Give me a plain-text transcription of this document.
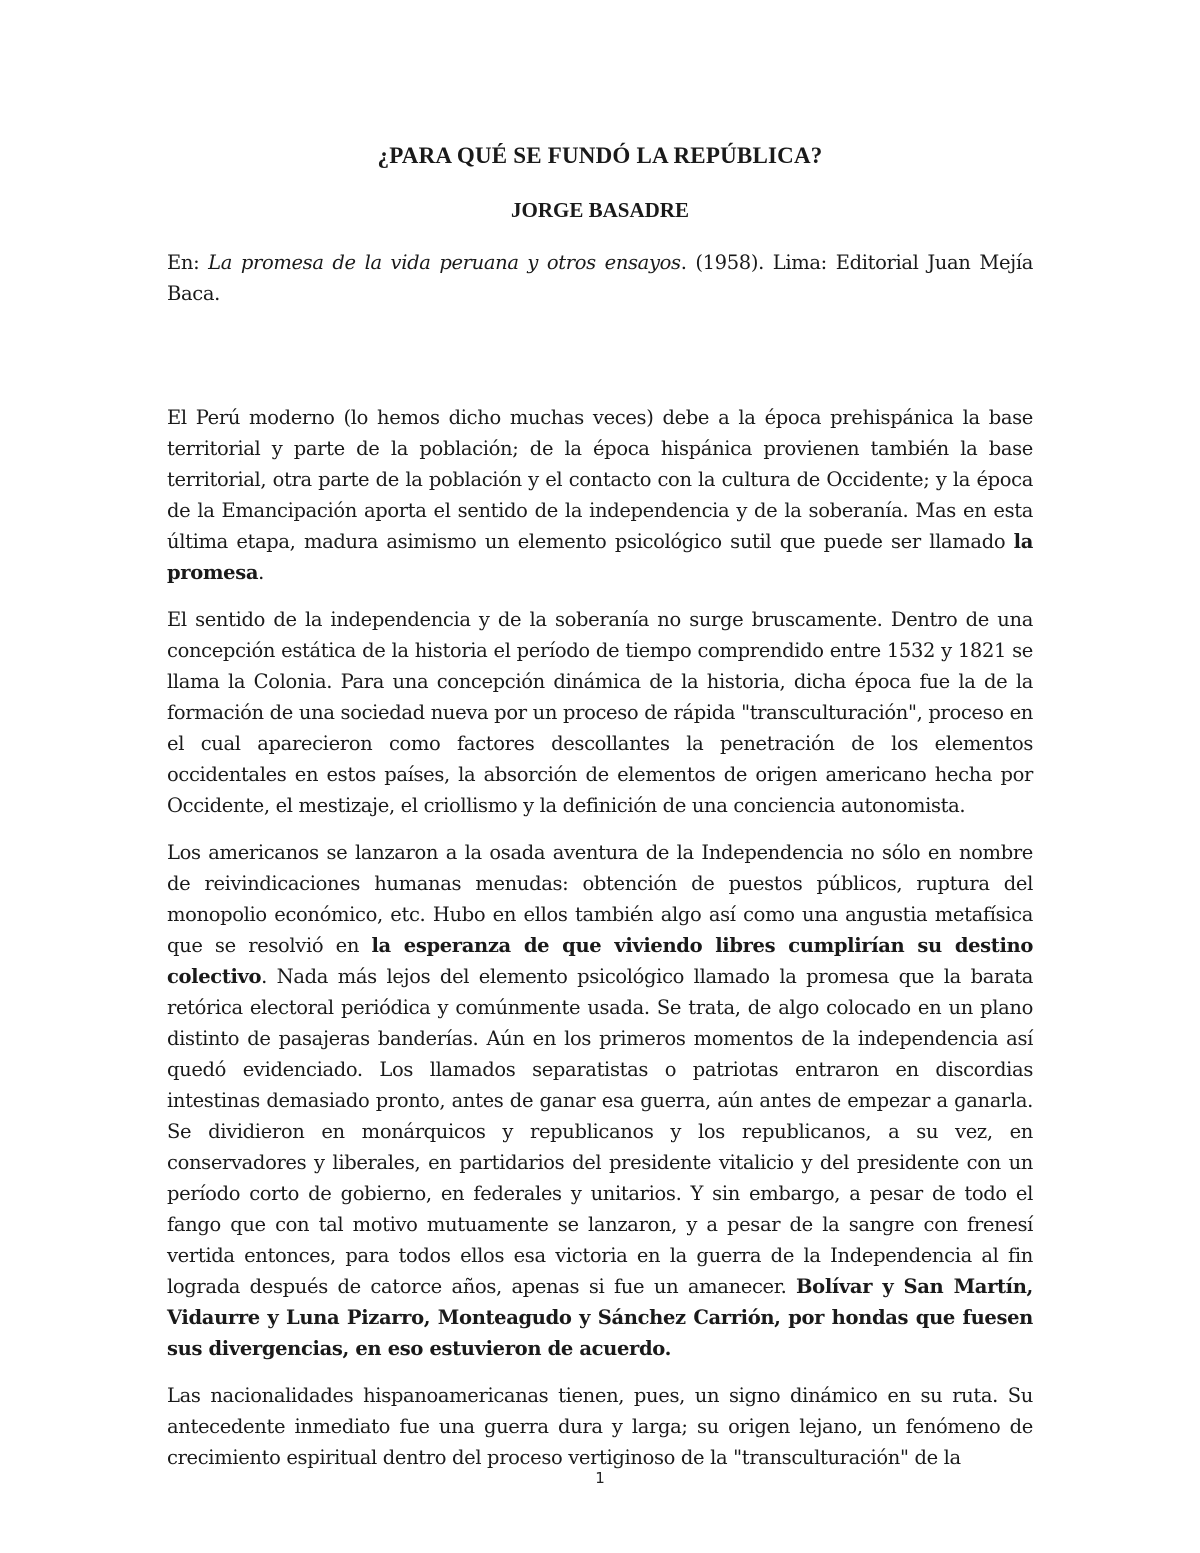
¿PARA QUÉ SE FUNDÓ LA REPÚBLICA?
JORGE BASADRE

En: La promesa de la vida peruana y otros ensayos. (1958). Lima: Editorial Juan Mejía Baca.

El Perú moderno (lo hemos dicho muchas veces) debe a la época prehispánica la base territorial y parte de la población; de la época hispánica provienen también la base territorial, otra parte de la población y el contacto con la cultura de Occidente; y la época de la Emancipación aporta el sentido de la independencia y de la soberanía. Mas en esta última etapa, madura asimismo un elemento psicológico sutil que puede ser llamado la promesa.

El sentido de la independencia y de la soberanía no surge bruscamente. Dentro de una concepción estática de la historia el período de tiempo comprendido entre 1532 y 1821 se llama la Colonia. Para una concepción dinámica de la historia, dicha época fue la de la formación de una sociedad nueva por un proceso de rápida "transculturación", proceso en el cual aparecieron como factores descollantes la penetración de los elementos occidentales en estos países, la absorción de elementos de origen americano hecha por Occidente, el mestizaje, el criollismo y la definición de una conciencia autonomista.

Los americanos se lanzaron a la osada aventura de la Independencia no sólo en nombre de reivindicaciones humanas menudas: obtención de puestos públicos, ruptura del monopolio económico, etc. Hubo en ellos también algo así como una angustia metafísica que se resolvió en la esperanza de que viviendo libres cumplirían su destino colectivo. Nada más lejos del elemento psicológico llamado la promesa que la barata retórica electoral periódica y comúnmente usada. Se trata, de algo colocado en un plano distinto de pasajeras banderías. Aún en los primeros momentos de la independencia así quedó evidenciado. Los llamados separatistas o patriotas entraron en discordias intestinas demasiado pronto, antes de ganar esa guerra, aún antes de empezar a ganarla. Se dividieron en monárquicos y republicanos y los republicanos, a su vez, en conservadores y liberales, en partidarios del presidente vitalicio y del presidente con un período corto de gobierno, en federales y unitarios. Y sin embargo, a pesar de todo el fango que con tal motivo mutuamente se lanzaron, y a pesar de la sangre con frenesí vertida entonces, para todos ellos esa victoria en la guerra de la Independencia al fin lograda después de catorce años, apenas si fue un amanecer. Bolívar y San Martín, Vidaurre y Luna Pizarro, Monteagudo y Sánchez Carrión, por hondas que fuesen sus divergencias, en eso estuvieron de acuerdo.

Las nacionalidades hispanoamericanas tienen, pues, un signo dinámico en su ruta. Su antecedente inmediato fue una guerra dura y larga; su origen lejano, un fenómeno de crecimiento espiritual dentro del proceso vertiginoso de la "transculturación" de la

1
